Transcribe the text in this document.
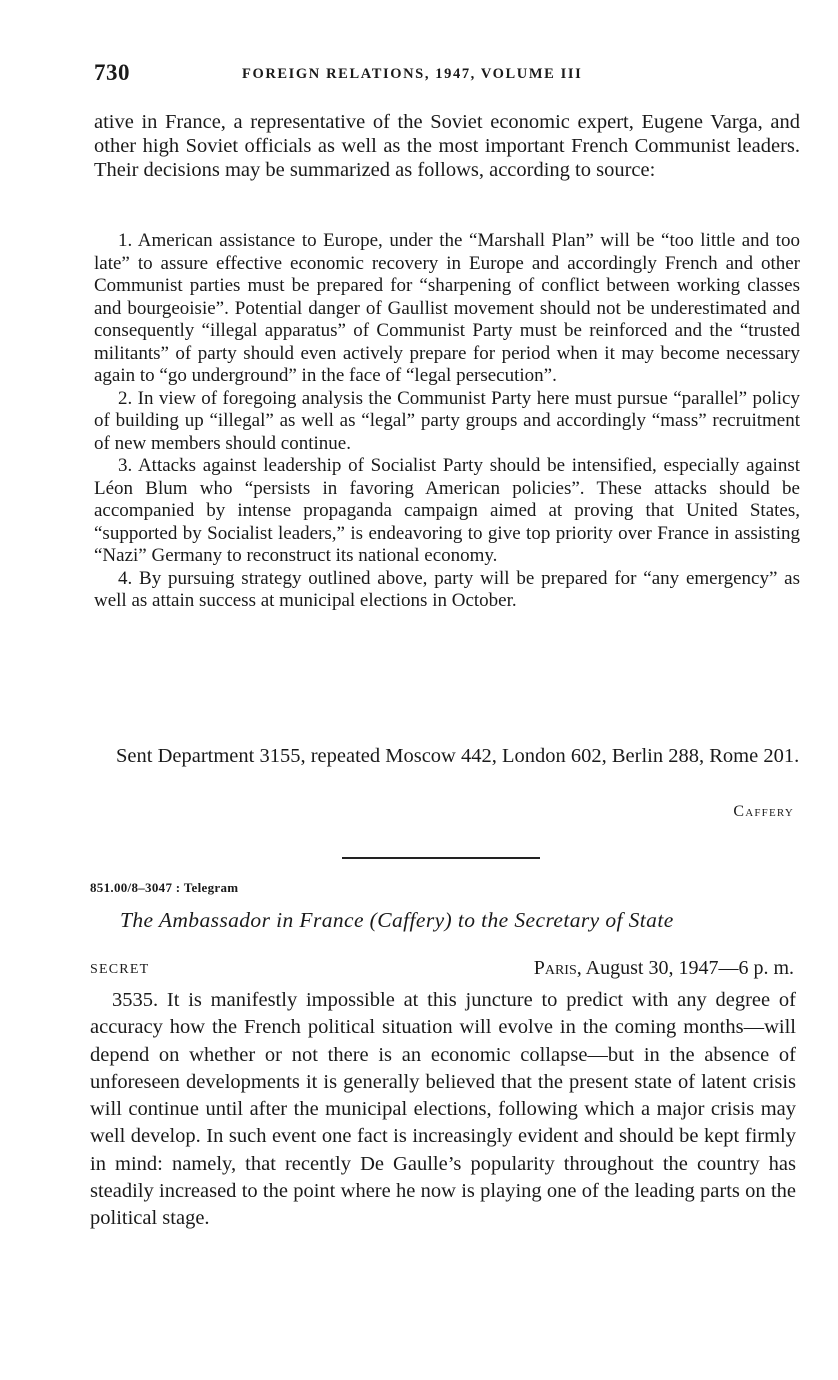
730	FOREIGN RELATIONS, 1947, VOLUME III

ative in France, a representative of the Soviet economic expert, Eugene Varga, and other high Soviet officials as well as the most important French Communist leaders. Their decisions may be summarized as follows, according to source:

1. American assistance to Europe, under the “Marshall Plan” will be “too little and too late” to assure effective economic recovery in Europe and accordingly French and other Communist parties must be prepared for “sharpening of conflict between working classes and bourgeoisie”. Potential danger of Gaullist movement should not be underestimated and consequently “illegal apparatus” of Communist Party must be reinforced and the “trusted militants” of party should even actively prepare for period when it may become necessary again to “go underground” in the face of “legal persecution”.
2. In view of foregoing analysis the Communist Party here must pursue “parallel” policy of building up “illegal” as well as “legal” party groups and accordingly “mass” recruitment of new members should continue.
3. Attacks against leadership of Socialist Party should be intensified, especially against Léon Blum who “persists in favoring American policies”. These attacks should be accompanied by intense propaganda campaign aimed at proving that United States, “supported by Socialist leaders,” is endeavoring to give top priority over France in assisting “Nazi” Germany to reconstruct its national economy.
4. By pursuing strategy outlined above, party will be prepared for “any emergency” as well as attain success at municipal elections in October.

Sent Department 3155, repeated Moscow 442, London 602, Berlin 288, Rome 201.

Caffery
851.00/8–3047 : Telegram
The Ambassador in France (Caffery) to the Secretary of State
SECRET	Paris, August 30, 1947—6 p. m.

3535. It is manifestly impossible at this juncture to predict with any degree of accuracy how the French political situation will evolve in the coming months—will depend on whether or not there is an economic collapse—but in the absence of unforeseen developments it is generally believed that the present state of latent crisis will continue until after the municipal elections, following which a major crisis may well develop. In such event one fact is increasingly evident and should be kept firmly in mind: namely, that recently De Gaulle’s popularity throughout the country has steadily increased to the point where he now is playing one of the leading parts on the political stage.
